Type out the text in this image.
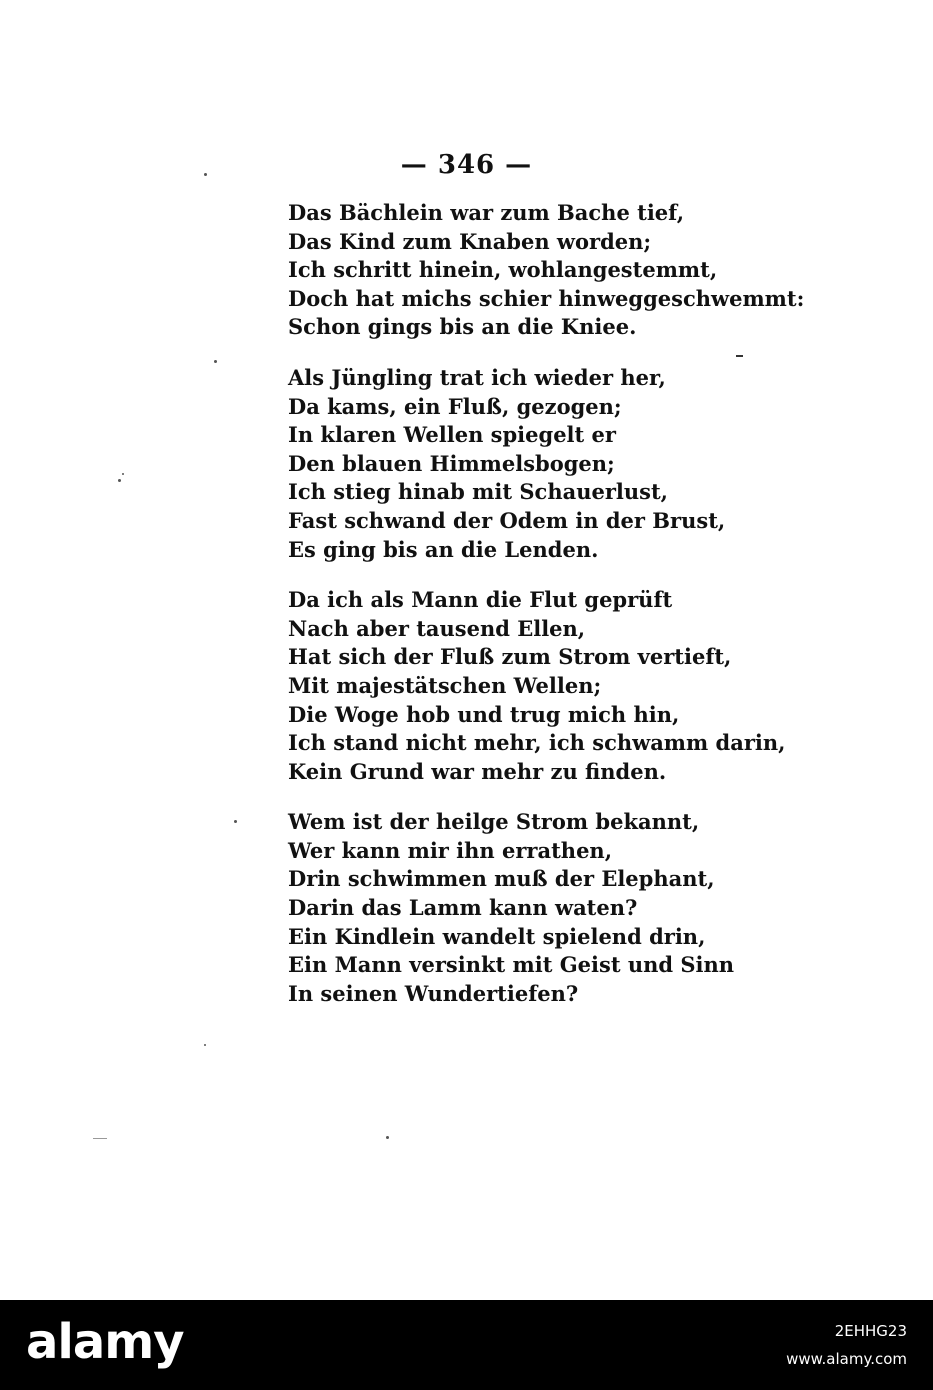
— 346 —
Das Bächlein war zum Bache tief,
Das Kind zum Knaben worden;
Ich schritt hinein, wohlangestemmt,
Doch hat michs schier hinweggeschwemmt:
Schon gings bis an die Kniee.
Als Jüngling trat ich wieder her,
Da kams, ein Fluß, gezogen;
In klaren Wellen spiegelt er
Den blauen Himmelsbogen;
Ich stieg hinab mit Schauerlust,
Fast schwand der Odem in der Brust,
Es ging bis an die Lenden.
Da ich als Mann die Flut geprüft
Nach aber tausend Ellen,
Hat sich der Fluß zum Strom vertieft,
Mit majestätschen Wellen;
Die Woge hob und trug mich hin,
Ich stand nicht mehr, ich schwamm darin,
Kein Grund war mehr zu finden.
Wem ist der heilge Strom bekannt,
Wer kann mir ihn errathen,
Drin schwimmen muß der Elephant,
Darin das Lamm kann waten?
Ein Kindlein wandelt spielend drin,
Ein Mann versinkt mit Geist und Sinn
In seinen Wundertiefen?
alamy	2EHHG23
www.alamy.com
